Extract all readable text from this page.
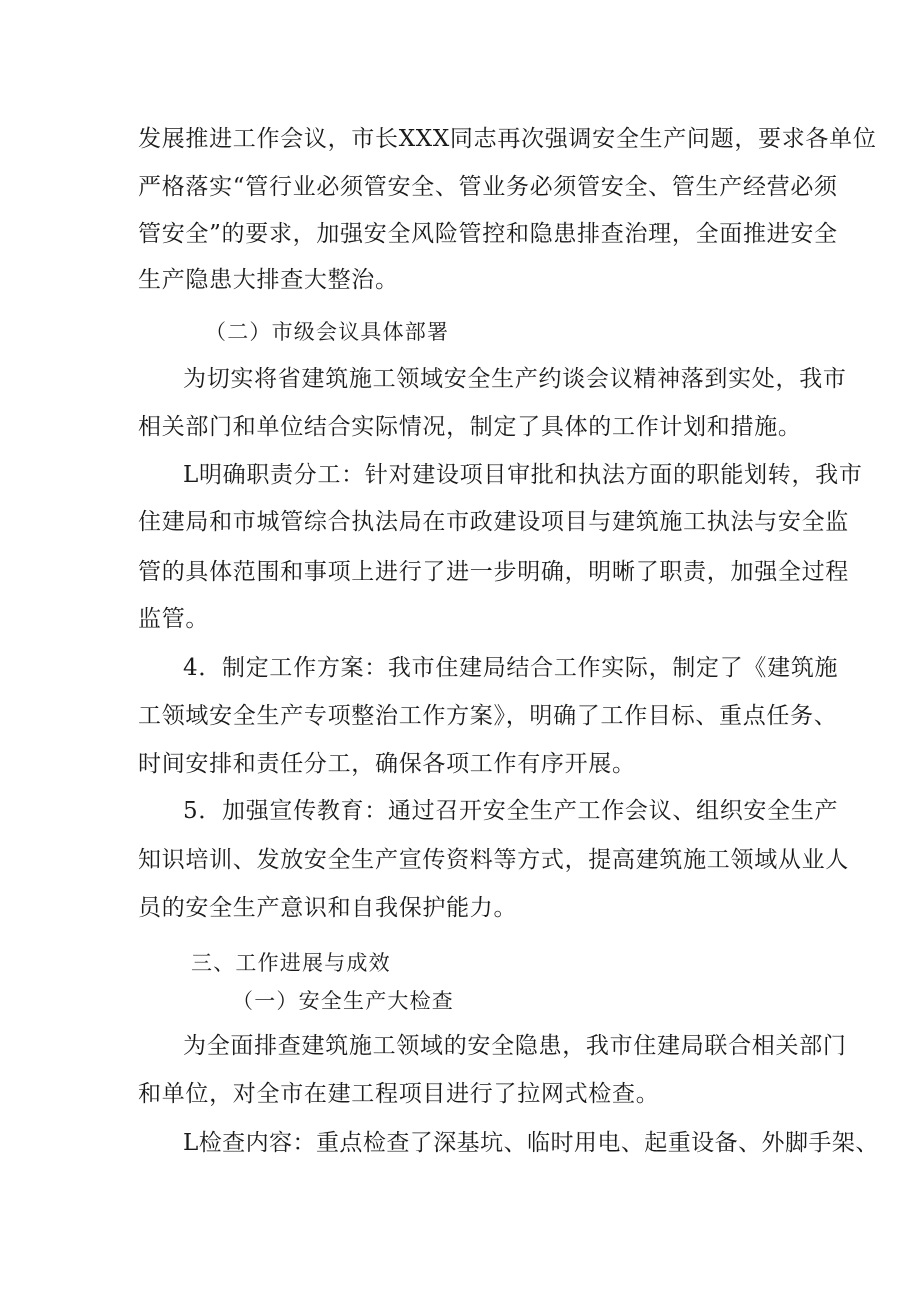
发展推进工作会议，市长XXX同志再次强调安全生产问题，要求各单位
严格落实“管行业必须管安全、管业务必须管安全、管生产经营必须
管安全”的要求，加强安全风险管控和隐患排查治理，全面推进安全
生产隐患大排查大整治。
（二）市级会议具体部署
为切实将省建筑施工领域安全生产约谈会议精神落到实处，我市
相关部门和单位结合实际情况，制定了具体的工作计划和措施。
L明确职责分工：针对建设项目审批和执法方面的职能划转，我市
住建局和市城管综合执法局在市政建设项目与建筑施工执法与安全监
管的具体范围和事项上进行了进一步明确，明晰了职责，加强全过程
监管。
4．制定工作方案：我市住建局结合工作实际，制定了《建筑施
工领域安全生产专项整治工作方案》，明确了工作目标、重点任务、
时间安排和责任分工，确保各项工作有序开展。
5．加强宣传教育：通过召开安全生产工作会议、组织安全生产
知识培训、发放安全生产宣传资料等方式，提高建筑施工领域从业人
员的安全生产意识和自我保护能力。
三、工作进展与成效
（一）安全生产大检查
为全面排查建筑施工领域的安全隐患，我市住建局联合相关部门
和单位，对全市在建工程项目进行了拉网式检查。
L检查内容：重点检查了深基坑、临时用电、起重设备、外脚手架、
